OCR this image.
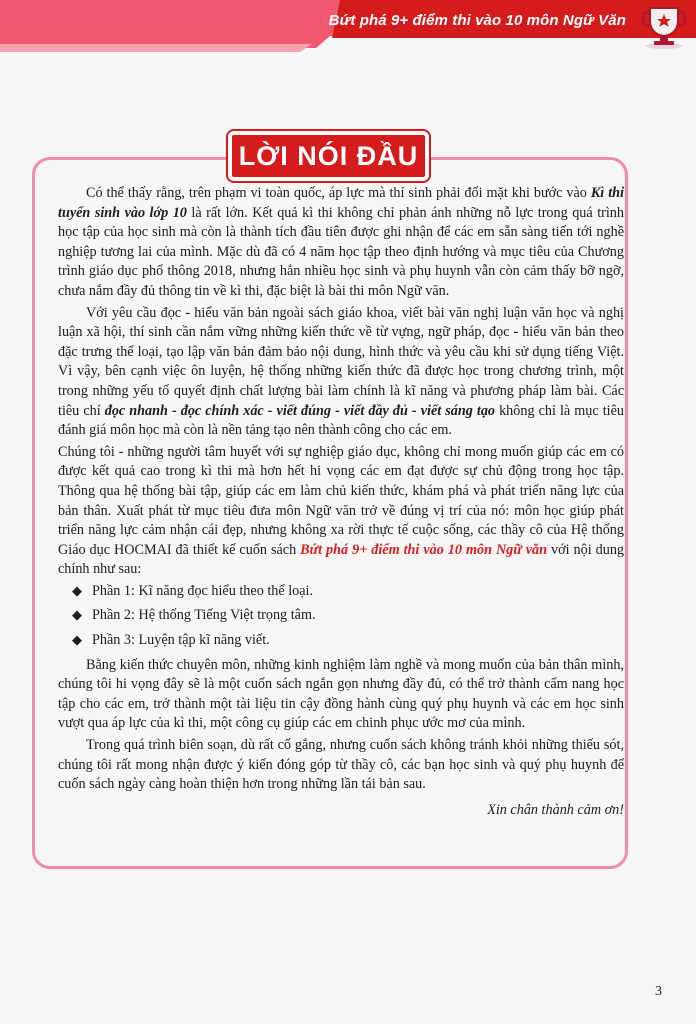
Bứt phá 9+ điểm thi vào 10 môn Ngữ Văn
LỜI NÓI ĐẦU

Có thể thấy rằng, trên phạm vi toàn quốc, áp lực mà thí sinh phải đối mặt khi bước vào Kì thi tuyển sinh vào lớp 10 là rất lớn. Kết quả kì thi không chỉ phản ánh những nỗ lực trong quá trình học tập của học sinh mà còn là thành tích đầu tiên được ghi nhận để các em sẵn sàng tiến tới nghề nghiệp tương lai của mình. Mặc dù đã có 4 năm học tập theo định hướng và mục tiêu của Chương trình giáo dục phổ thông 2018, nhưng hẳn nhiều học sinh và phụ huynh vẫn còn cảm thấy bỡ ngỡ, chưa nắm đầy đủ thông tin về kì thi, đặc biệt là bài thi môn Ngữ văn.

Với yêu cầu đọc - hiểu văn bản ngoài sách giáo khoa, viết bài văn nghị luận văn học và nghị luận xã hội, thí sinh cần nắm vững những kiến thức về từ vựng, ngữ pháp, đọc - hiểu văn bản theo đặc trưng thể loại, tạo lập văn bản đảm bảo nội dung, hình thức và yêu cầu khi sử dụng tiếng Việt. Vì vậy, bên cạnh việc ôn luyện, hệ thống những kiến thức đã được học trong chương trình, một trong những yếu tố quyết định chất lượng bài làm chính là kĩ năng và phương pháp làm bài. Các tiêu chí đọc nhanh - đọc chính xác - viết đúng - viết đầy đủ - viết sáng tạo không chỉ là mục tiêu đánh giá môn học mà còn là nền tảng tạo nên thành công cho các em.

Chúng tôi - những người tâm huyết với sự nghiệp giáo dục, không chỉ mong muốn giúp các em có được kết quả cao trong kì thi mà hơn hết hi vọng các em đạt được sự chủ động trong học tập. Thông qua hệ thống bài tập, giúp các em làm chủ kiến thức, khám phá và phát triển năng lực của bản thân. Xuất phát từ mục tiêu đưa môn Ngữ văn trở về đúng vị trí của nó: môn học giúp phát triển năng lực cảm nhận cái đẹp, nhưng không xa rời thực tế cuộc sống, các thầy cô của Hệ thống Giáo dục HOCMAI đã thiết kế cuốn sách Bứt phá 9+ điểm thi vào 10 môn Ngữ văn với nội dung chính như sau:

◆ Phần 1: Kĩ năng đọc hiểu theo thể loại.
◆ Phần 2: Hệ thống Tiếng Việt trọng tâm.
◆ Phần 3: Luyện tập kĩ năng viết.

Bằng kiến thức chuyên môn, những kinh nghiệm làm nghề và mong muốn của bản thân mình, chúng tôi hi vọng đây sẽ là một cuốn sách ngắn gọn nhưng đầy đủ, có thể trở thành cẩm nang học tập cho các em, trở thành một tài liệu tin cậy đồng hành cùng quý phụ huynh và các em học sinh vượt qua áp lực của kì thi, một công cụ giúp các em chinh phục ước mơ của mình.

Trong quá trình biên soạn, dù rất cố gắng, nhưng cuốn sách không tránh khỏi những thiếu sót, chúng tôi rất mong nhận được ý kiến đóng góp từ thầy cô, các bạn học sinh và quý phụ huynh để cuốn sách ngày càng hoàn thiện hơn trong những lần tái bản sau.

Xin chân thành cảm ơn!
3
